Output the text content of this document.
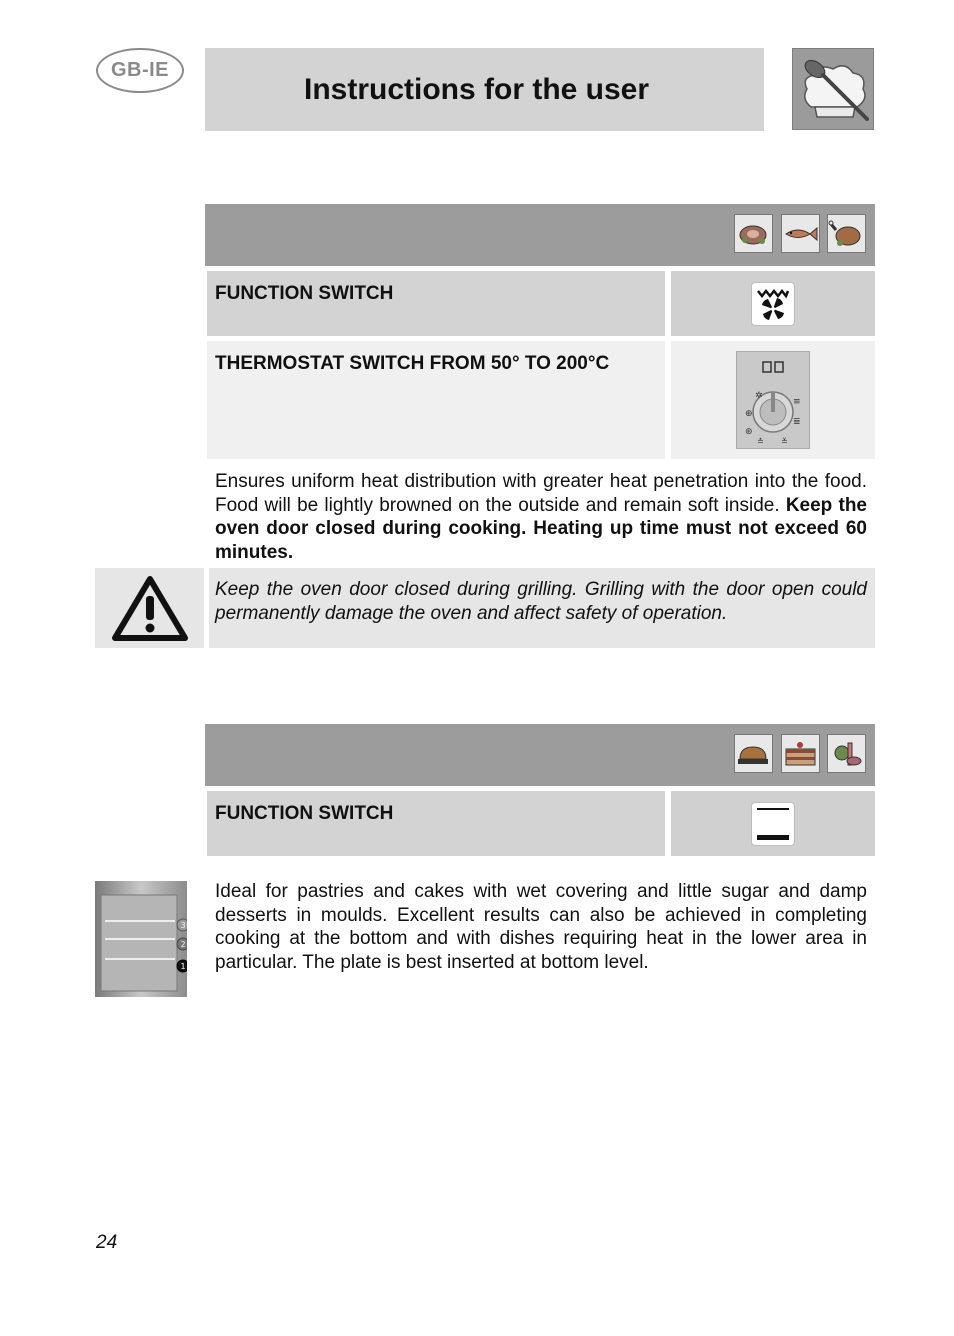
GB-IE
Instructions for the user
FUNCTION SWITCH
THERMOSTAT SWITCH FROM 50° TO 200°C
⊕
⊛
≡
≣
✲
≛ ≚
Ensures uniform heat distribution with greater heat penetration into the food. Food will be lightly browned on the outside and remain soft inside. Keep the oven door closed during cooking. Heating up time must not exceed 60 minutes.
Keep the oven door closed during grilling. Grilling with the door open could permanently damage the oven and affect safety of operation.
FUNCTION SWITCH
3
2
1
Ideal for pastries and cakes with wet covering and little sugar and damp desserts in moulds. Excellent results can also be achieved in completing cooking at the bottom and with dishes requiring heat in the lower area in particular. The plate is best inserted at bottom level.
24
